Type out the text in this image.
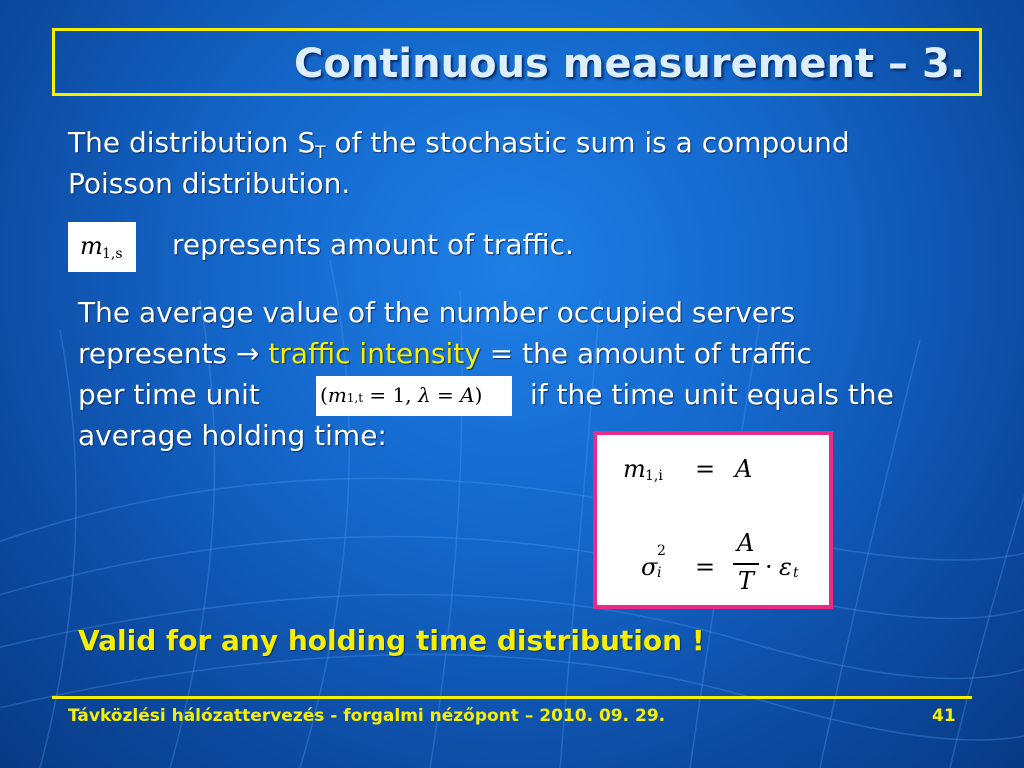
Continuous measurement – 3.
The distribution $S_T$ of the stochastic sum is a compound
Poisson distribution.
m 1,s represents amount of traffic.
The average value of the number occupied servers
represents → traffic intensity = the amount of traffic
per time unit	(m1,t = 1, λ = A) if the time unit equals the
average holding time:
m 1,i = A
σ
2
i =
A
T · ε t
Valid for any holding time distribution !
Távközlési hálózattervezés - forgalmi nézőpont – 2010. 09. 29.	41
